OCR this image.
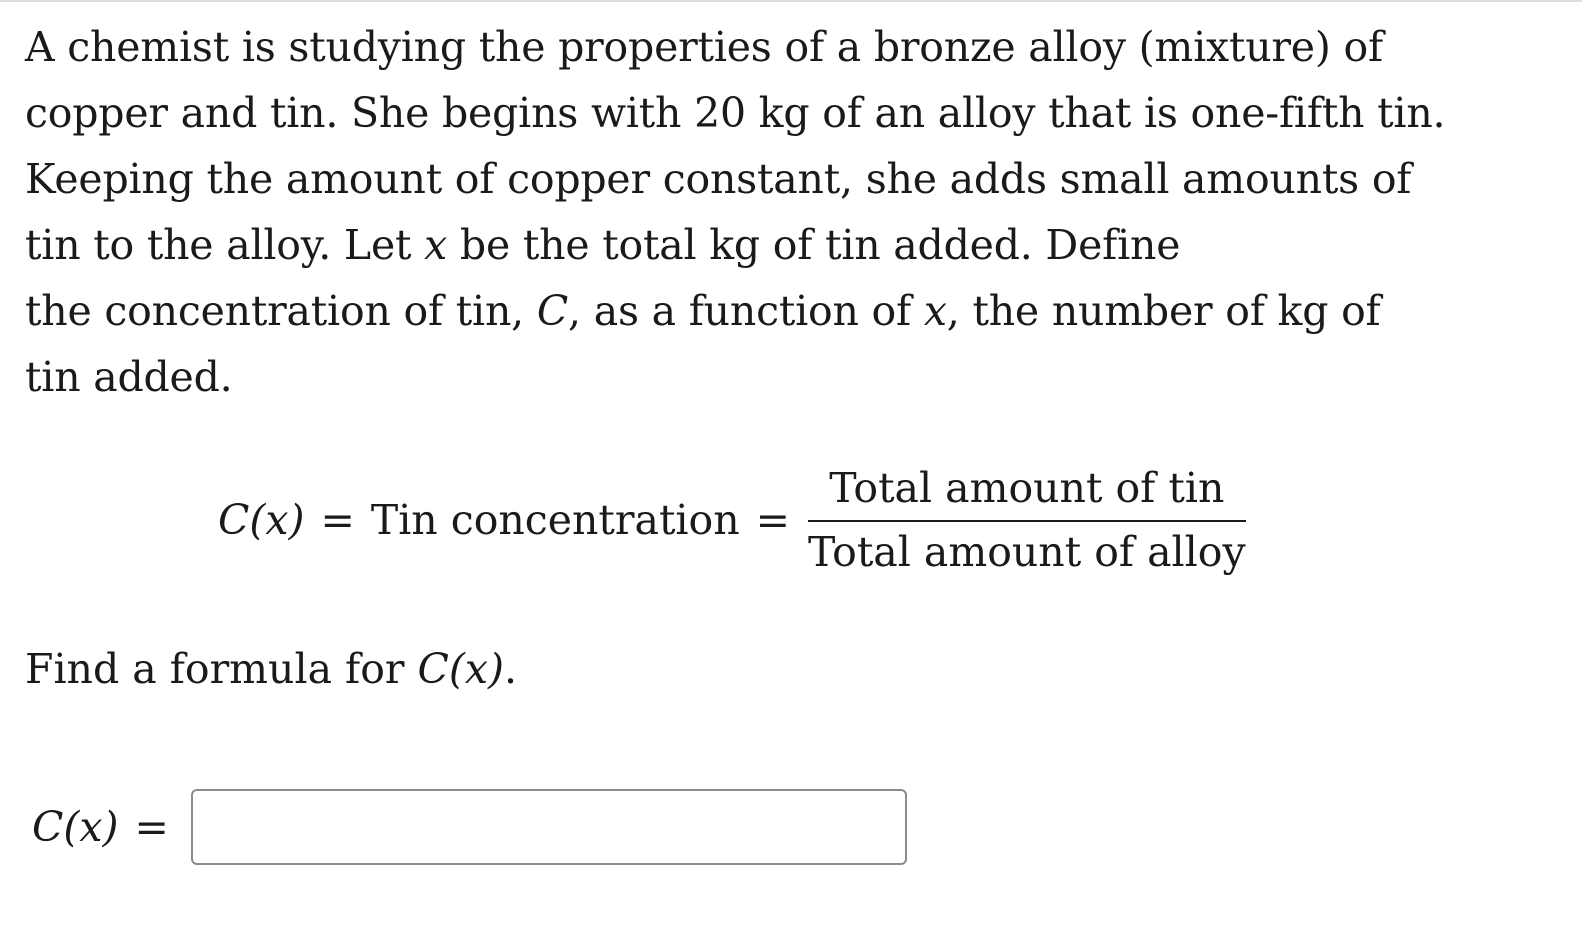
A chemist is studying the properties of a bronze alloy (mixture) of
copper and tin. She begins with 20 kg of an alloy that is one-fifth tin.
Keeping the amount of copper constant, she adds small amounts of
tin to the alloy. Let x be the total kg of tin added. Define
the concentration of tin, C, as a function of x, the number of kg of
tin added.
C(x) = Tin concentration = $\frac{\text{Total amount of tin}}{\text{Total amount of alloy}}$
Find a formula for C(x).
C(x) =
